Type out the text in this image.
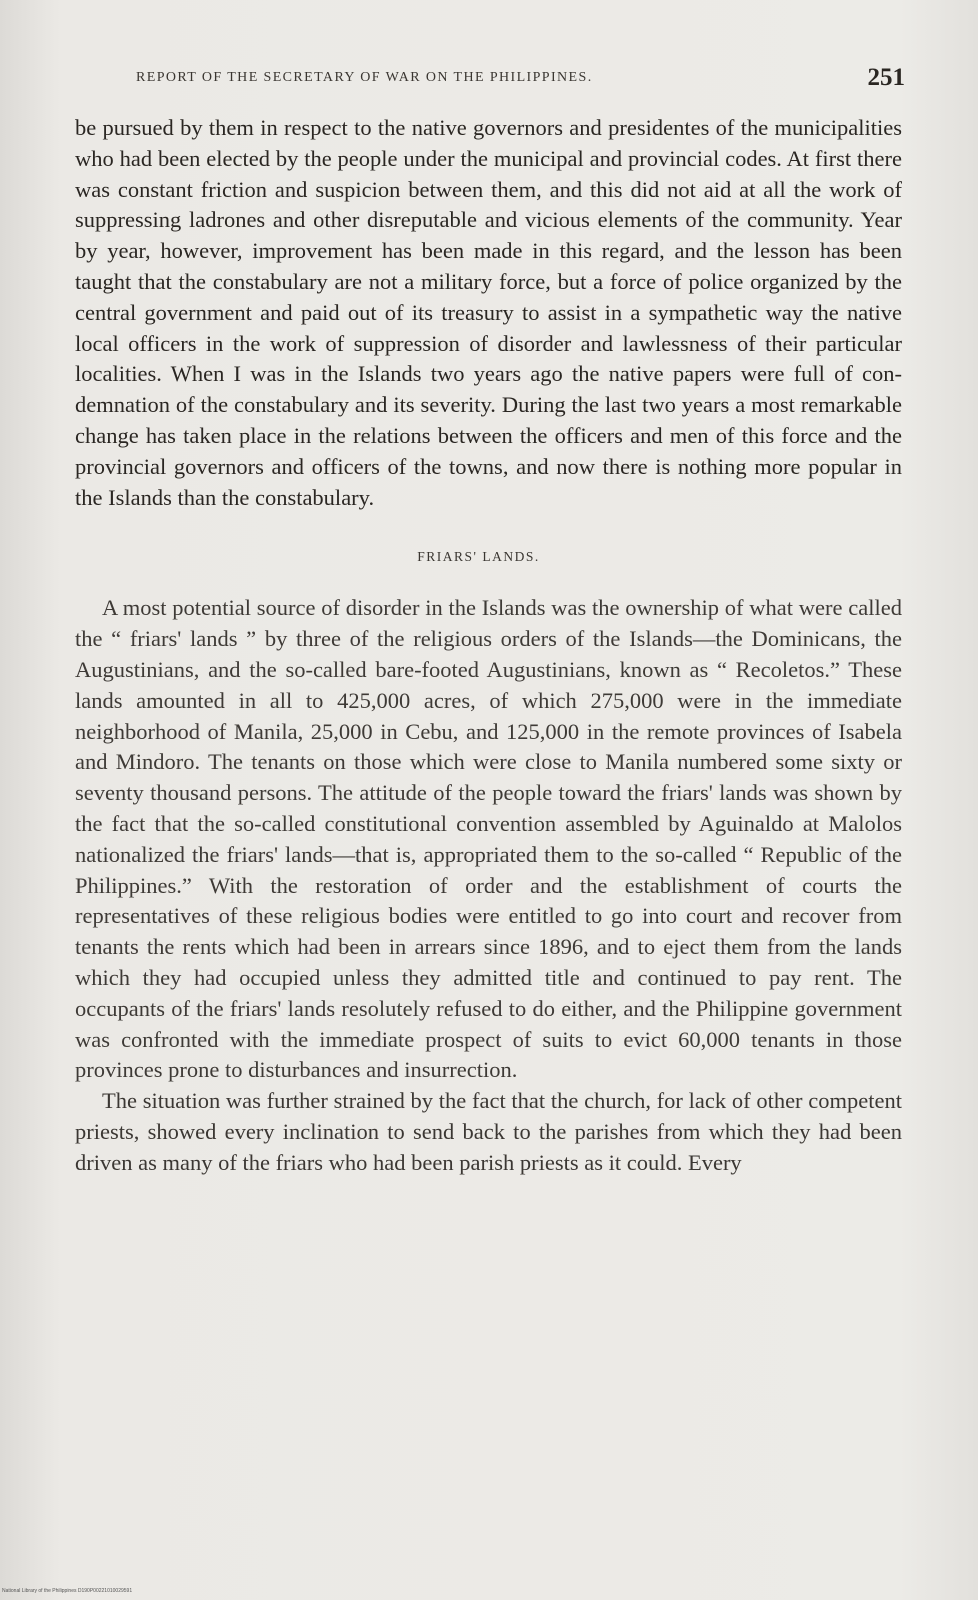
REPORT OF THE SECRETARY OF WAR ON THE PHILIPPINES.	251

be pursued by them in respect to the native governors and presidentes of the municipalities who had been elected by the people under the municipal and provincial codes. At first there was constant friction and suspicion between them, and this did not aid at all the work of suppressing ladrones and other disreputable and vicious elements of the community. Year by year, however, improvement has been made in this regard, and the lesson has been taught that the constabulary are not a military force, but a force of police organized by the central government and paid out of its treasury to assist in a sympathetic way the native local officers in the work of suppression of disorder and lawlessness of their particular localities. When I was in the Islands two years ago the native papers were full of condemnation of the constabulary and its severity. During the last two years a most remarkable change has taken place in the relations between the officers and men of this force and the provincial governors and officers of the towns, and now there is nothing more popular in the Islands than the constabulary.

FRIARS' LANDS.

A most potential source of disorder in the Islands was the ownership of what were called the “ friars' lands ” by three of the religious orders of the Islands—the Dominicans, the Augustinians, and the so-called bare-footed Augustinians, known as “ Recoletos.” These lands amounted in all to 425,000 acres, of which 275,000 were in the immediate neighborhood of Manila, 25,000 in Cebu, and 125,000 in the remote provinces of Isabela and Mindoro. The tenants on those which were close to Manila numbered some sixty or seventy thousand persons. The attitude of the people toward the friars' lands was shown by the fact that the so-called constitutional convention assembled by Aguinaldo at Malolos nationalized the friars' lands—that is, appropriated them to the so-called “ Republic of the Philippines.” With the restoration of order and the establishment of courts the representatives of these religious bodies were entitled to go into court and recover from tenants the rents which had been in arrears since 1896, and to eject them from the lands which they had occupied unless they admitted title and continued to pay rent. The occupants of the friars' lands resolutely refused to do either, and the Philippine government was confronted with the immediate prospect of suits to evict 60,000 tenants in those provinces prone to disturbances and insurrection.

The situation was further strained by the fact that the church, for lack of other competent priests, showed every inclination to send back to the parishes from which they had been driven as many of the friars who had been parish priests as it could. Every

National Library of the Philippines D190P00221010029591
